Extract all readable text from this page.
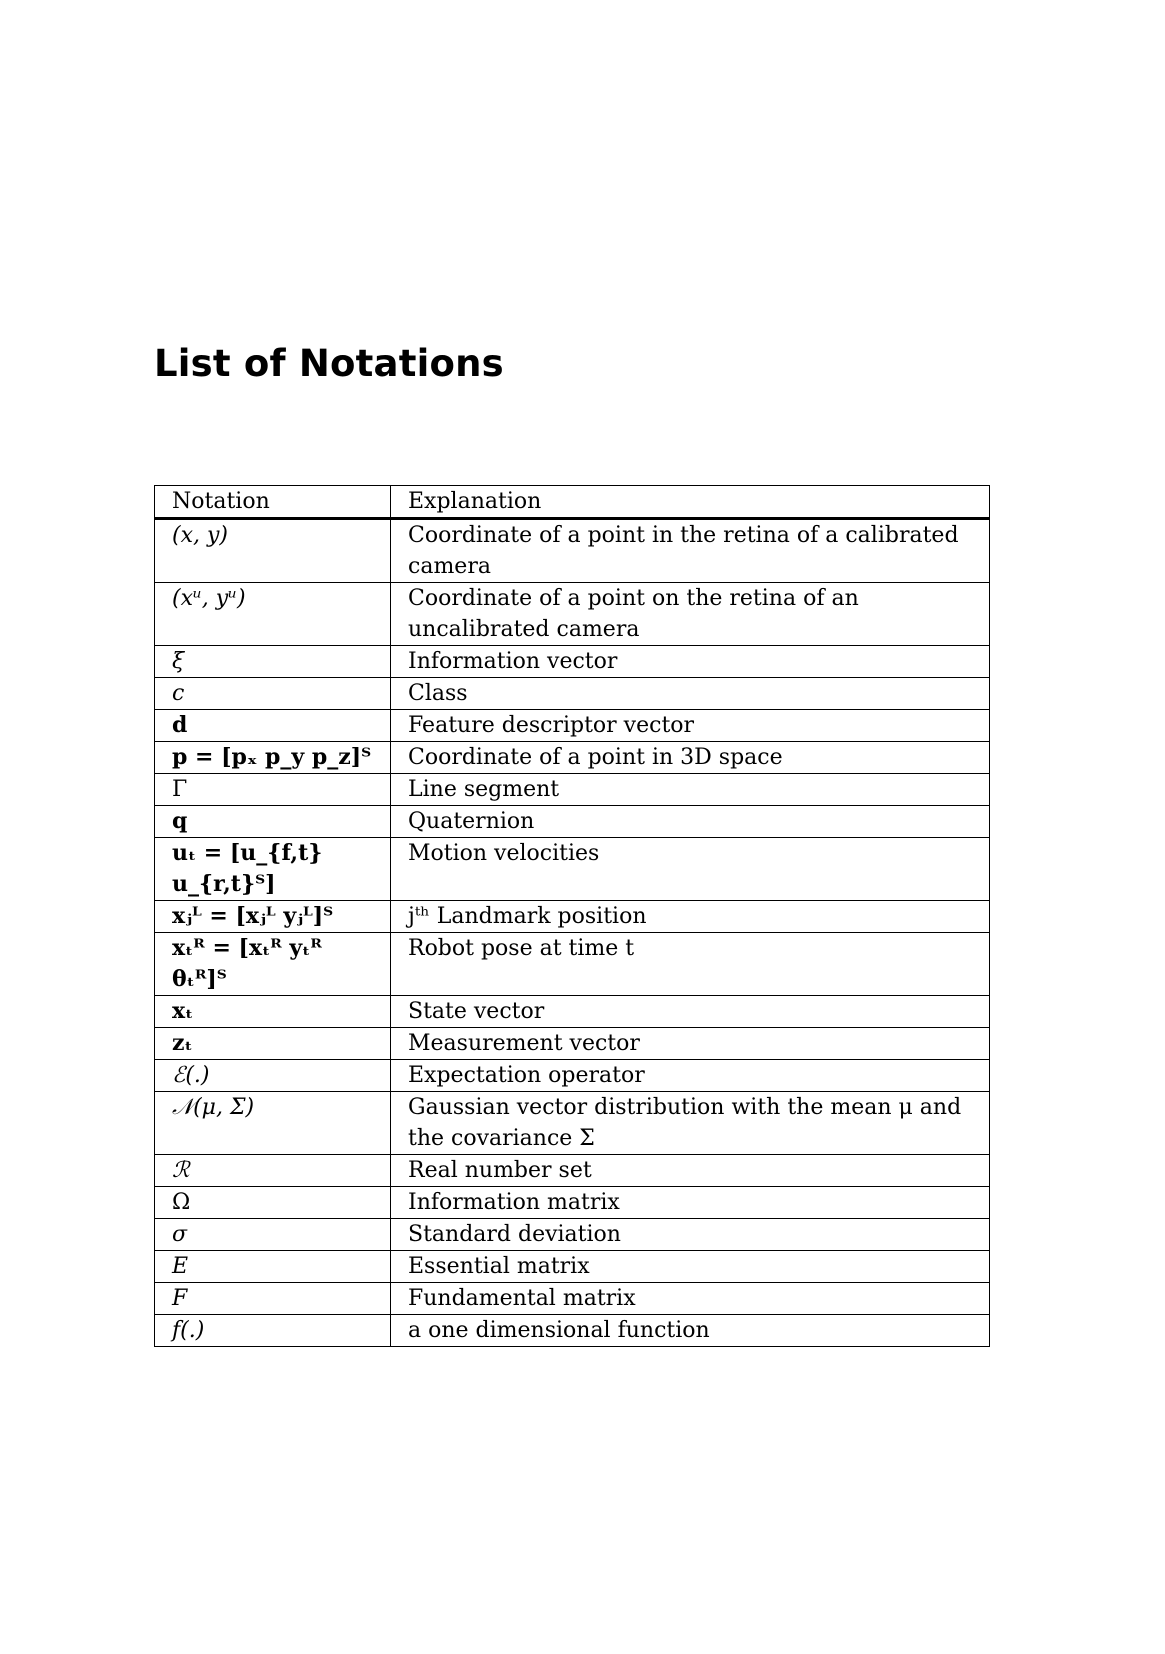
List of Notations
Notation	Explanation
(x, y)	Coordinate of a point in the retina of a calibrated camera
(xᵘ, yᵘ)	Coordinate of a point on the retina of an uncalibrated camera
ξ	Information vector
c	Class
d	Feature descriptor vector
p = [pₓ p_y p_z]ᵀ	Coordinate of a point in 3D space
Γ	Line segment
q	Quaternion
uₜ = [u_{f,t} u_{r,t}ᵀ]	Motion velocities
xⱼᴸ = [xⱼᴸ yⱼᴸ]ᵀ	jᵗʰ Landmark position
xₜᴿ = [xₜᴿ yₜᴿ θₜᴿ]ᵀ	Robot pose at time t
xₜ	State vector
zₜ	Measurement vector
ℰ(.)	Expectation operator
𝒩(μ, Σ)	Gaussian vector distribution with the mean μ and the covariance Σ
ℛ	Real number set
Ω	Information matrix
σ	Standard deviation
E	Essential matrix
F	Fundamental matrix
f(.)	a one dimensional function
